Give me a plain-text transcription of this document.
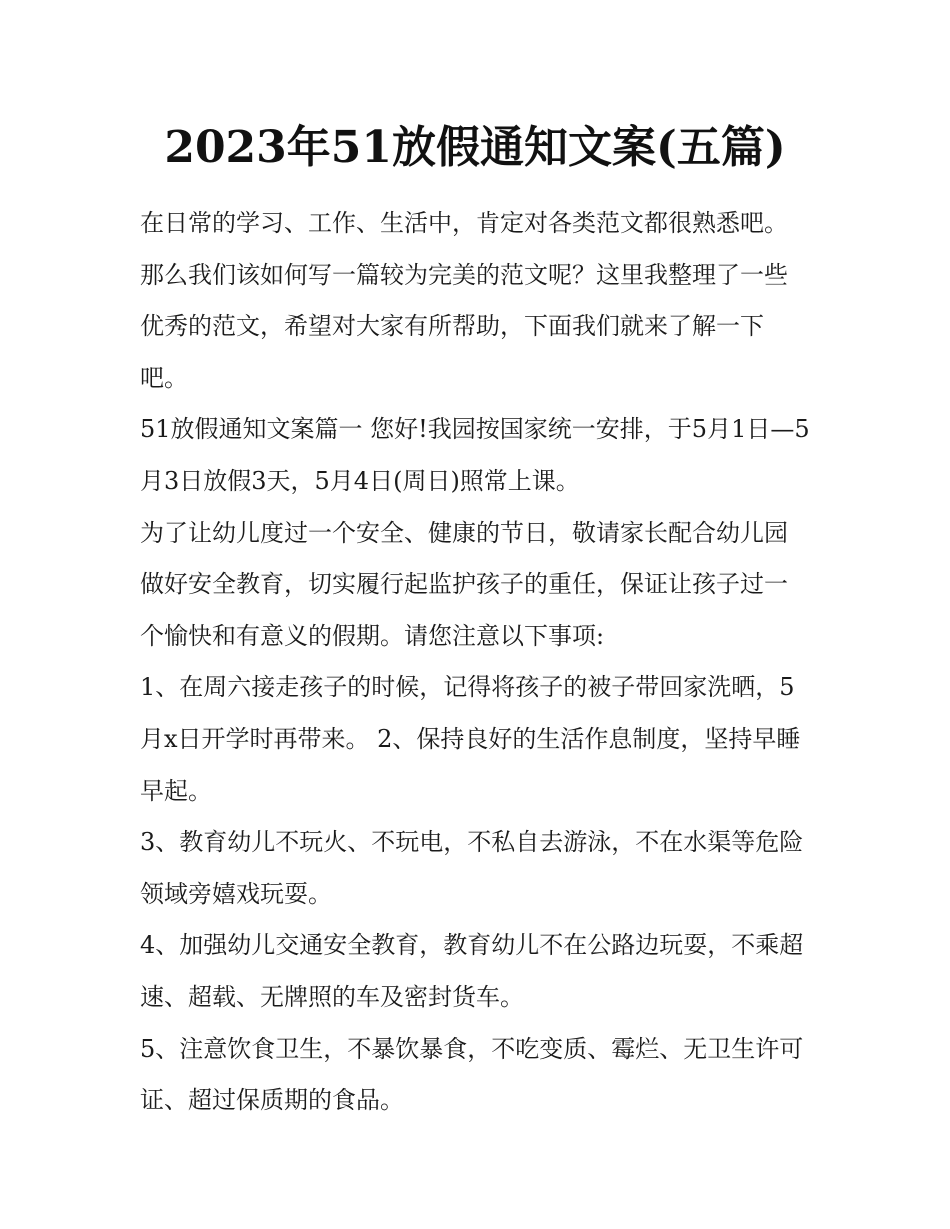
2023年51放假通知文案(五篇)

在日常的学习、工作、生活中，肯定对各类范文都很熟悉吧。那么我们该如何写一篇较为完美的范文呢？这里我整理了一些优秀的范文，希望对大家有所帮助，下面我们就来了解一下吧。

51放假通知文案篇一 您好!我园按国家统一安排，于5月1日—5月3日放假3天，5月4日(周日)照常上课。

为了让幼儿度过一个安全、健康的节日，敬请家长配合幼儿园做好安全教育，切实履行起监护孩子的重任，保证让孩子过一个愉快和有意义的假期。请您注意以下事项:

1、在周六接走孩子的时候，记得将孩子的被子带回家洗晒，5月x日开学时再带来。 2、保持良好的生活作息制度，坚持早睡早起。

3、教育幼儿不玩火、不玩电，不私自去游泳，不在水渠等危险领域旁嬉戏玩耍。

4、加强幼儿交通安全教育，教育幼儿不在公路边玩耍，不乘超速、超载、无牌照的车及密封货车。

5、注意饮食卫生，不暴饮暴食，不吃变质、霉烂、无卫生许可证、超过保质期的食品。
